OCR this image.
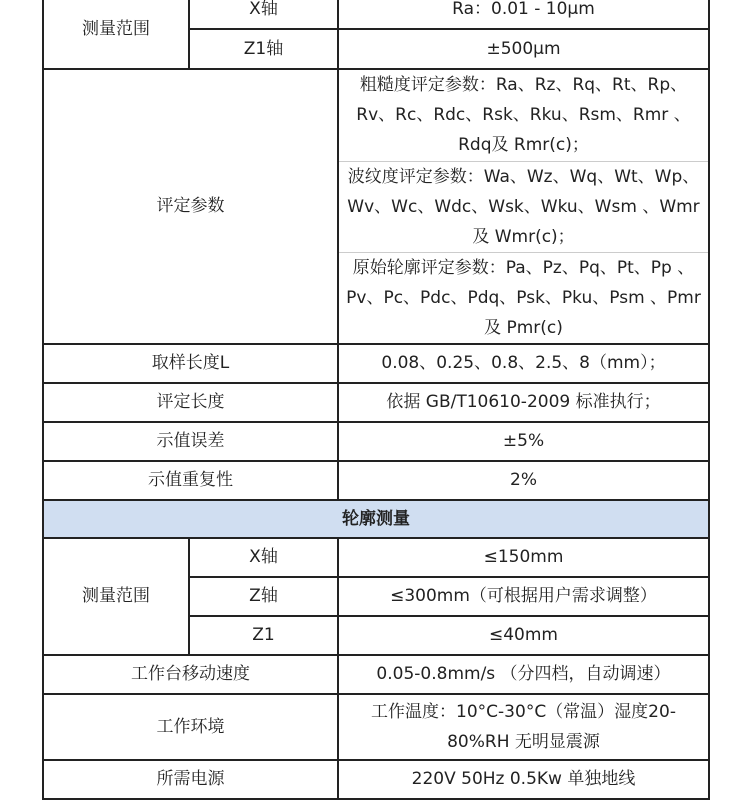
测量范围	X轴	Ra：0.01 - 10μm
	Z1轴	±500μm
评定参数		粗糙度评定参数：Ra、Rz、Rq、Rt、Rp、Rv、Rc、Rdc、Rsk、Rku、Rsm、Rmr 、Rdq及 Rmr(c)；

		波纹度评定参数：Wa、Wz、Wq、Wt、Wp、Wv、Wc、Wdc、Wsk、Wku、Wsm 、Wmr 及 Wmr(c)；

		原始轮廓评定参数：Pa、Pz、Pq、Pt、Pp 、Pv、Pc、Pdc、Pdq、Psk、Pku、Psm 、Pmr 及 Pmr(c)

取样长度L		0.08、0.25、0.8、2.5、8（mm）；
评定长度		依据 GB/T10610-2009 标准执行；
示值误差		±5%
示值重复性		2%
轮廓测量		
测量范围	X轴	≤150mm
	Z轴	≤300mm（可根据用户需求调整）
	Z1	≤40mm
工作台移动速度		0.05-0.8mm/s （分四档，自动调速）
工作环境		工作温度：10°C-30°C（常温）湿度20-80%RH 无明显震源

所需电源		220V 50Hz 0.5Kw 单独地线
